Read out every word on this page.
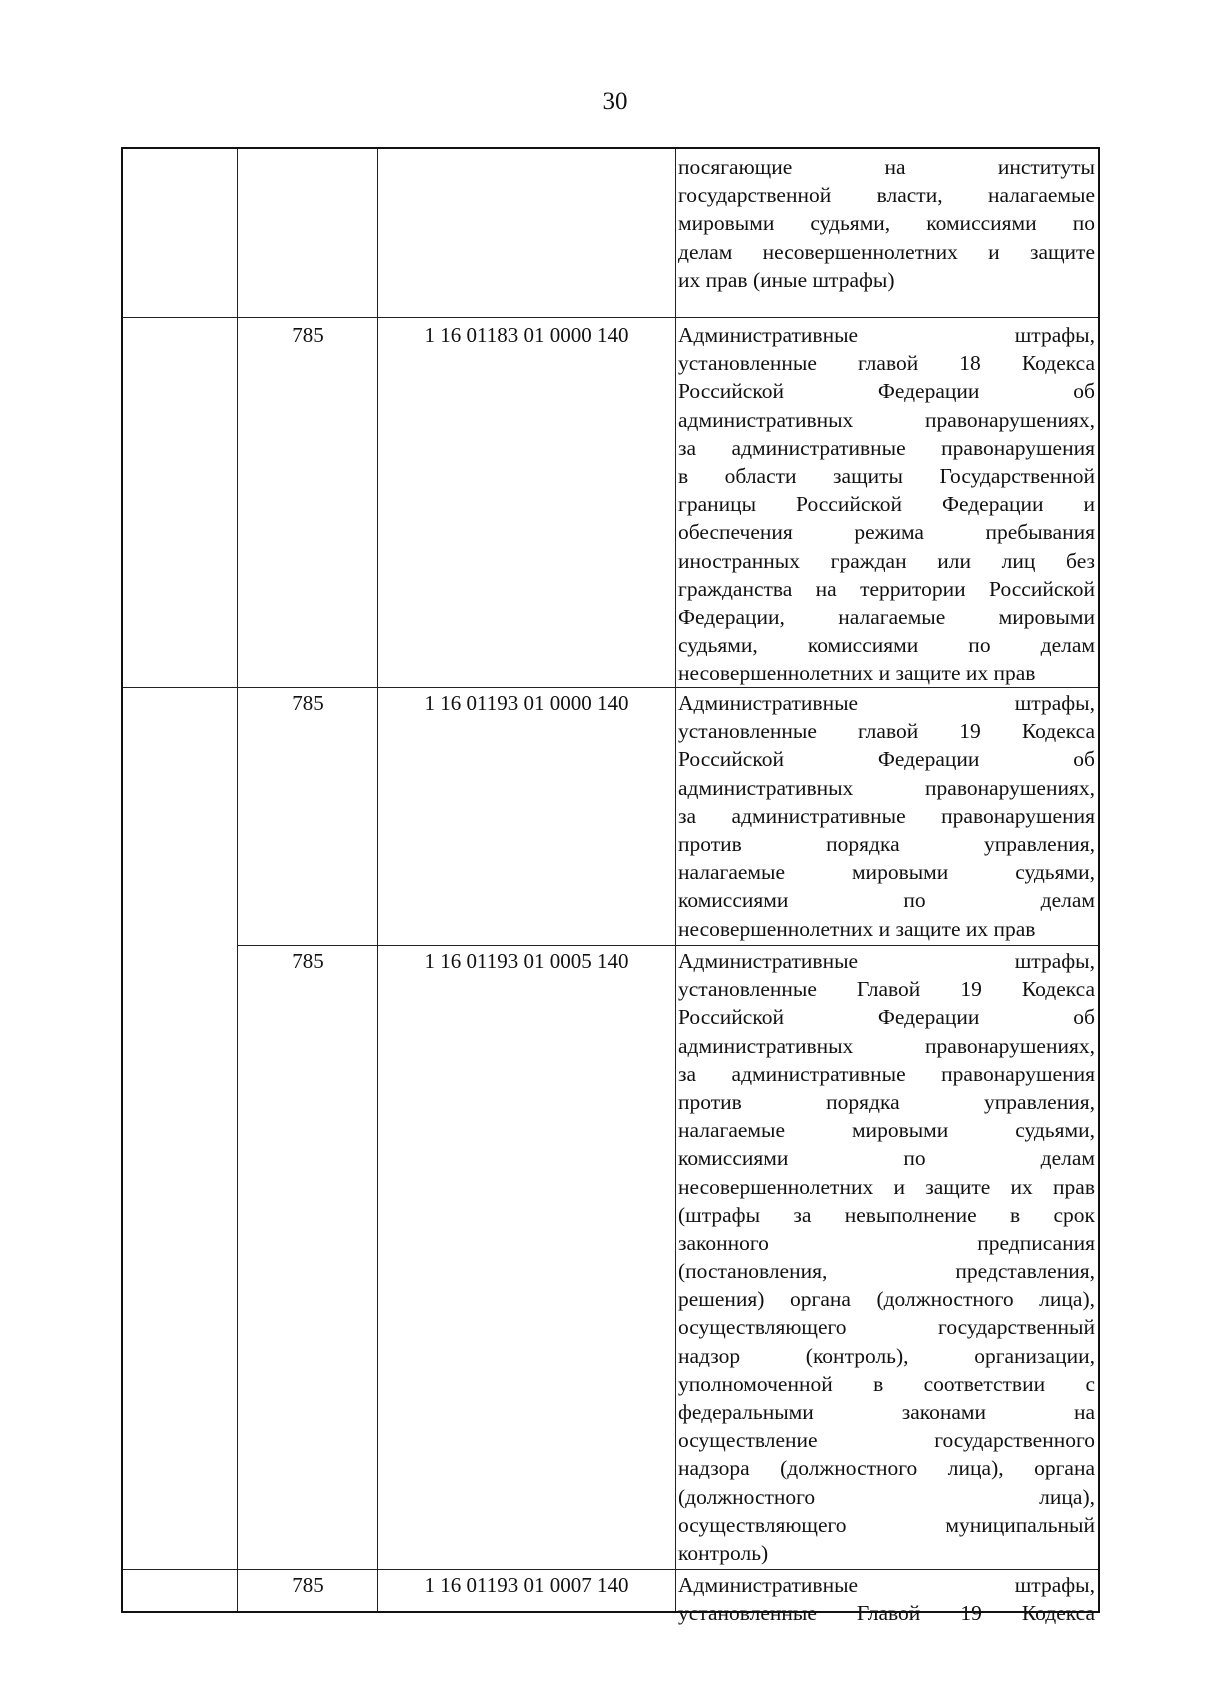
30
посягающие на институты
государственной власти, налагаемые
мировыми судьями, комиссиями по
делам несовершеннолетних и защите
их прав (иные штрафы)
785	1 16 01183 01 0000 140	Административные штрафы,
установленные главой 18 Кодекса
Российской Федерации об
административных правонарушениях,
за административные правонарушения
в области защиты Государственной
границы Российской Федерации и
обеспечения режима пребывания
иностранных граждан или лиц без
гражданства на территории Российской
Федерации, налагаемые мировыми
судьями, комиссиями по делам
несовершеннолетних и защите их прав
785	1 16 01193 01 0000 140	Административные штрафы,
установленные главой 19 Кодекса
Российской Федерации об
административных правонарушениях,
за административные правонарушения
против порядка управления,
налагаемые мировыми судьями,
комиссиями по делам
несовершеннолетних и защите их прав
785	1 16 01193 01 0005 140	Административные штрафы,
установленные Главой 19 Кодекса
Российской Федерации об
административных правонарушениях,
за административные правонарушения
против порядка управления,
налагаемые мировыми судьями,
комиссиями по делам
несовершеннолетних и защите их прав
(штрафы за невыполнение в срок
законного предписания
(постановления, представления,
решения) органа (должностного лица),
осуществляющего государственный
надзор (контроль), организации,
уполномоченной в соответствии с
федеральными законами на
осуществление государственного
надзора (должностного лица), органа
(должностного лица),
осуществляющего муниципальный
контроль)
785	1 16 01193 01 0007 140	Административные штрафы,
установленные Главой 19 Кодекса
